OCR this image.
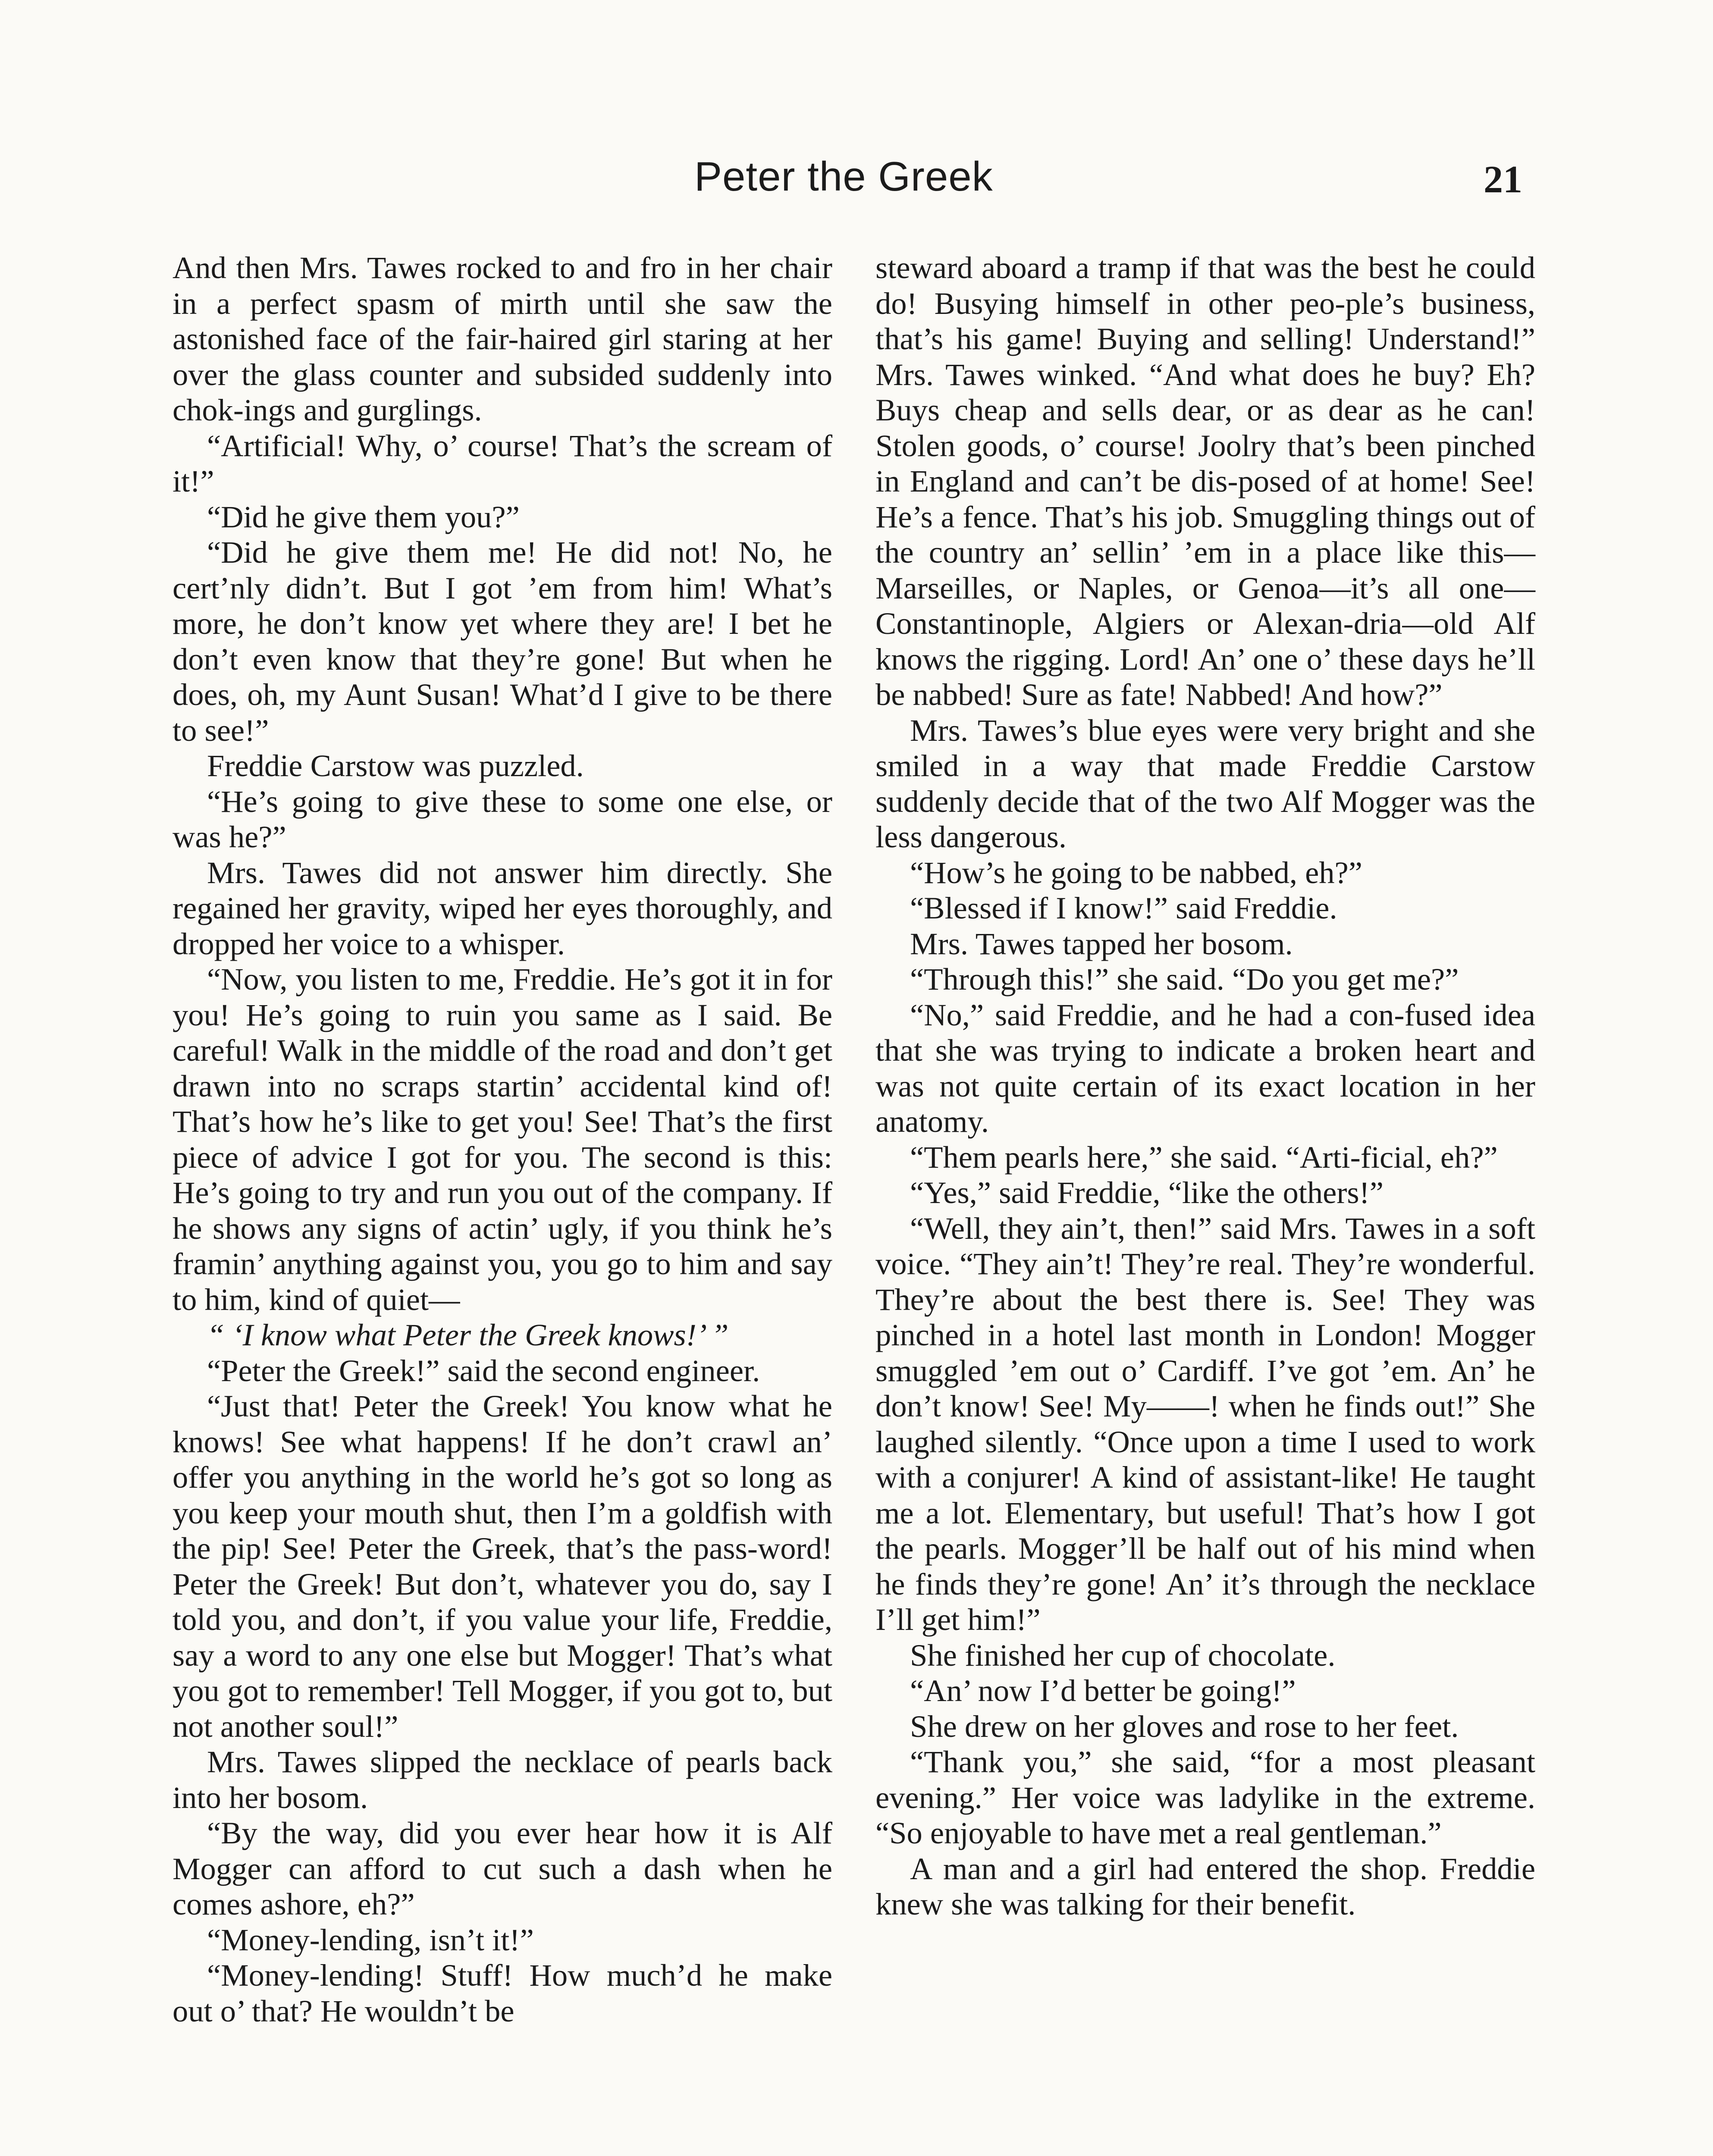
Peter the Greek	21

And then Mrs. Tawes rocked to and fro in her chair in a perfect spasm of mirth until she saw the astonished face of the fair-haired girl staring at her over the glass counter and subsided suddenly into chok-ings and gurglings.

“Artificial! Why, o’ course! That’s the scream of it!”

“Did he give them you?”

“Did he give them me! He did not! No, he cert’nly didn’t. But I got ’em from him! What’s more, he don’t know yet where they are! I bet he don’t even know that they’re gone! But when he does, oh, my Aunt Susan! What’d I give to be there to see!”

Freddie Carstow was puzzled.

“He’s going to give these to some one else, or was he?”

Mrs. Tawes did not answer him directly. She regained her gravity, wiped her eyes thoroughly, and dropped her voice to a whisper.

“Now, you listen to me, Freddie. He’s got it in for you! He’s going to ruin you same as I said. Be careful! Walk in the middle of the road and don’t get drawn into no scraps startin’ accidental kind of! That’s how he’s like to get you! See! That’s the first piece of advice I got for you. The second is this: He’s going to try and run you out of the company. If he shows any signs of actin’ ugly, if you think he’s framin’ anything against you, you go to him and say to him, kind of quiet—

“ ‘I know what Peter the Greek knows!’ ”

“Peter the Greek!” said the second engineer.

“Just that! Peter the Greek! You know what he knows! See what happens! If he don’t crawl an’ offer you anything in the world he’s got so long as you keep your mouth shut, then I’m a goldfish with the pip! See! Peter the Greek, that’s the pass-word! Peter the Greek! But don’t, whatever you do, say I told you, and don’t, if you value your life, Freddie, say a word to any one else but Mogger! That’s what you got to remember! Tell Mogger, if you got to, but not another soul!”

Mrs. Tawes slipped the necklace of pearls back into her bosom.

“By the way, did you ever hear how it is Alf Mogger can afford to cut such a dash when he comes ashore, eh?”

“Money-lending, isn’t it!”

“Money-lending! Stuff! How much’d he make out o’ that? He wouldn’t be

steward aboard a tramp if that was the best he could do! Busying himself in other peo-ple’s business, that’s his game! Buying and selling! Understand!” Mrs. Tawes winked. “And what does he buy? Eh? Buys cheap and sells dear, or as dear as he can! Stolen goods, o’ course! Joolry that’s been pinched in England and can’t be dis-posed of at home! See! He’s a fence. That’s his job. Smuggling things out of the country an’ sellin’ ’em in a place like this—Marseilles, or Naples, or Genoa—it’s all one—Constantinople, Algiers or Alexan-dria—old Alf knows the rigging. Lord! An’ one o’ these days he’ll be nabbed! Sure as fate! Nabbed! And how?”

Mrs. Tawes’s blue eyes were very bright and she smiled in a way that made Freddie Carstow suddenly decide that of the two Alf Mogger was the less dangerous.

“How’s he going to be nabbed, eh?”

“Blessed if I know!” said Freddie.

Mrs. Tawes tapped her bosom.

“Through this!” she said. “Do you get me?”

“No,” said Freddie, and he had a con-fused idea that she was trying to indicate a broken heart and was not quite certain of its exact location in her anatomy.

“Them pearls here,” she said. “Arti-ficial, eh?”

“Yes,” said Freddie, “like the others!”

“Well, they ain’t, then!” said Mrs. Tawes in a soft voice. “They ain’t! They’re real. They’re wonderful. They’re about the best there is. See! They was pinched in a hotel last month in London! Mogger smuggled ’em out o’ Cardiff. I’ve got ’em. An’ he don’t know! See! My——! when he finds out!” She laughed silently. “Once upon a time I used to work with a conjurer! A kind of assistant-like! He taught me a lot. Elementary, but useful! That’s how I got the pearls. Mogger’ll be half out of his mind when he finds they’re gone! An’ it’s through the necklace I’ll get him!”

She finished her cup of chocolate.

“An’ now I’d better be going!”

She drew on her gloves and rose to her feet.

“Thank you,” she said, “for a most pleasant evening.” Her voice was ladylike in the extreme. “So enjoyable to have met a real gentleman.”

A man and a girl had entered the shop. Freddie knew she was talking for their benefit.
